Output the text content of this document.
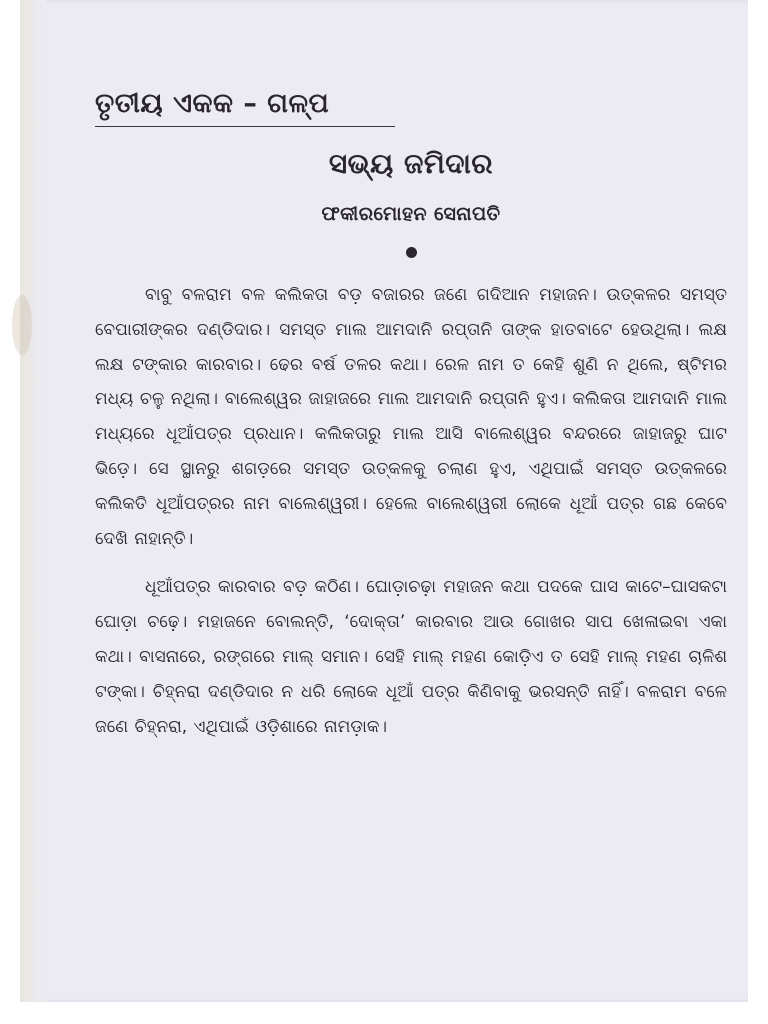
ତୃତୀୟ ଏକକ – ଗଳ୍ପ
ସଭ୍ୟ ଜମିଦାର
ଫକୀରମୋହନ ସେନାପତି

ବାବୁ ବଳରାମ ବଳ କଲିକତା ବଡ଼ ବଜାରର ଜଣେ ଗଦିଆନ ମହାଜନ। ଉତ୍କଳର ସମସ୍ତ ବେପାରୀଙ୍କର ଦଣ୍ଡିଦାର। ସମସ୍ତ ମାଲ ଆମଦାନି ରପ୍ତାନି ତାଙ୍କ ହାତବାଟେ ହେଉଥିଲା। ଲକ୍ଷ ଲକ୍ଷ ଟଙ୍କାର କାରବାର। ଢେର ବର୍ଷ ତଳର କଥା। ରେଳ ନାମ ତ କେହି ଶୁଣି ନ ଥିଲେ, ଷ୍ଟିମର ମଧ୍ୟ ଚଳୁ ନଥିଲା। ବାଲେଶ୍ୱର ଜାହାଜରେ ମାଲ ଆମଦାନି ରପ୍ତାନି ହୁଏ। କଲିକତା ଆମଦାନି ମାଲ ମଧ୍ୟରେ ଧୂଆଁପତ୍ର ପ୍ରଧାନ। କଲିକତାରୁ ମାଲ ଆସି ବାଲେଶ୍ୱର ବନ୍ଦରରେ ଜାହାଜରୁ ଘାଟ ଭିଡ଼େ। ସେ ସ୍ଥାନରୁ ଶଗଡ଼ରେ ସମସ୍ତ ଉତ୍କଳକୁ ଚଲାଣ ହୁଏ, ଏଥିପାଇଁ ସମସ୍ତ ଉତ୍କଳରେ କଲିକତି ଧୂଆଁପତ୍ରର ନାମ ବାଲେଶ୍ୱରୀ। ହେଲେ ବାଲେଶ୍ୱରୀ ଲୋକେ ଧୂଆଁ ପତ୍ର ଗଛ କେବେ ଦେଖି ନାହାନ୍ତି।

ଧୂଆଁପତ୍ର କାରବାର ବଡ଼ କଠିଣ। ଘୋଡ଼ାଚଢ଼ା ମହାଜନ କଥା ପଦକେ ଘାସ କାଟେ–ଘାସକଟା ଘୋଡ଼ା ଚଢ଼େ। ମହାଜନେ ବୋଲନ୍ତି, ‘ଦୋକ୍ତା’ କାରବାର ଆଉ ଗୋଖର ସାପ ଖେଳାଇବା ଏକା କଥା। ବାସନାରେ, ରଙ୍ଗରେ ମାଲ୍ ସମାନ। ସେହି ମାଲ୍ ମହଣ କୋଡ଼ିଏ ତ ସେହି ମାଲ୍ ମହଣ ଚାଳିଶ ଟଙ୍କା। ଚିହ୍ନରା ଦଣ୍ଡିଦାର ନ ଧରି ଲୋକେ ଧୂଆଁ ପତ୍ର କିଣିବାକୁ ଭରସନ୍ତି ନାହିଁ। ବଳରାମ ବଳେ ଜଣେ ଚିହ୍ନରା, ଏଥିପାଇଁ ଓଡ଼ିଶାରେ ନାମଡ଼ାକ।
